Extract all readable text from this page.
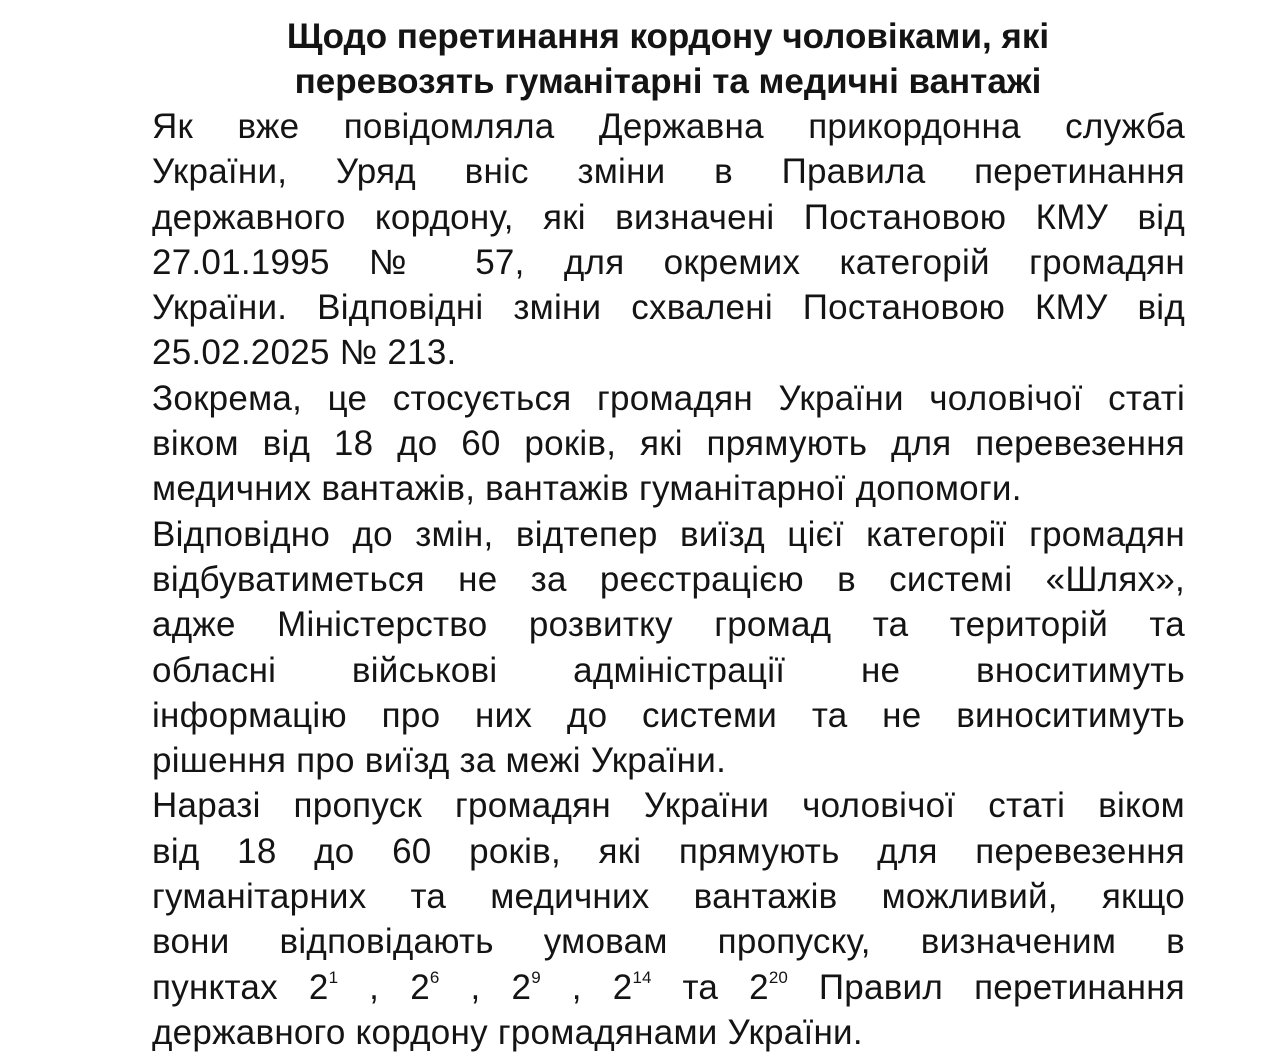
Щодо перетинання кордону чоловіками, які
перевозять гуманітарні та медичні вантажі

Як вже повідомляла Державна прикордонна служба
України, Уряд вніс зміни в Правила перетинання
державного кордону, які визначені Постановою КМУ від
27.01.1995 № 57, для окремих категорій громадян
України. Відповідні зміни схвалені Постановою КМУ від
25.02.2025 № 213.

Зокрема, це стосується громадян України чоловічої статі
віком від 18 до 60 років, які прямують для перевезення
медичних вантажів, вантажів гуманітарної допомоги.

Відповідно до змін, відтепер виїзд цієї категорії громадян
відбуватиметься не за реєстрацією в системі «Шлях»,
адже Міністерство розвитку громад та територій та
обласні військові адміністрації не вноситимуть
інформацію про них до системи та не виноситимуть
рішення про виїзд за межі України.

Наразі пропуск громадян України чоловічої статі віком
від 18 до 60 років, які прямують для перевезення
гуманітарних та медичних вантажів можливий, якщо
вони відповідають умовам пропуску, визначеним в
пунктах $2^1$ , $2^6$ , $2^9$ , $2^{14}$ та $2^{20}$ Правил перетинання
державного кордону громадянами України.
